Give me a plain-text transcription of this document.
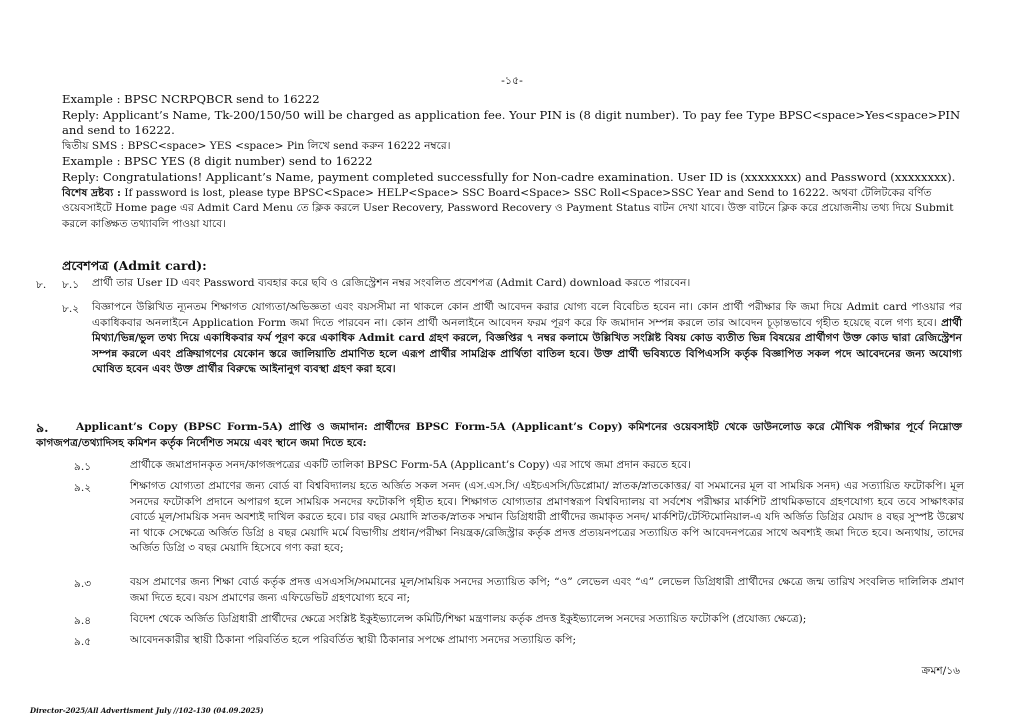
-১৫-

Example : BPSC NCRPQBCR send to 16222

Reply: Applicant’s Name, Tk-200/150/50 will be charged as application fee. Your PIN is (8 digit number). To pay fee Type BPSC<space>Yes<space>PIN and send to 16222.

দ্বিতীয় SMS : BPSC<space> YES <space> Pin লিখে send করুন 16222 নম্বরে।

Example : BPSC YES (8 digit number) send to 16222

Reply: Congratulations! Applicant’s Name, payment completed successfully for Non-cadre examination. User ID is (xxxxxxxx) and Password (xxxxxxxx).

বিশেষ দ্রষ্টব্য : If password is lost, please type BPSC<Space> HELP<Space> SSC Board<Space> SSC Roll<Space>SSC Year and Send to 16222. অথবা টেলিটকের বর্ণিত ওয়েবসাইটে Home page এর Admit Card Menu তে ক্লিক করলে User Recovery, Password Recovery ও Payment Status বাটন দেখা যাবে। উক্ত বাটনে ক্লিক করে প্রয়োজনীয় তথ্য দিয়ে Submit করলে কাঙ্ক্ষিত তথ্যাবলি পাওয়া যাবে।

প্রবেশপত্র (Admit card):
৮. ৮.১ প্রার্থী তার User ID এবং Password ব্যবহার করে ছবি ও রেজিস্ট্রেশন নম্বর সংবলিত প্রবেশপত্র (Admit Card) download করতে পারবেন।
৮.২ বিজ্ঞাপনে উল্লিখিত ন্যূনতম শিক্ষাগত যোগ্যতা/অভিজ্ঞতা এবং বয়সসীমা না থাকলে কোন প্রার্থী আবেদন করার যোগ্য বলে বিবেচিত হবেন না। কোন প্রার্থী পরীক্ষার ফি জমা দিয়ে Admit card পাওয়ার পর একাধিকবার অনলাইনে Application Form জমা দিতে পারবেন না। কোন প্রার্থী অনলাইনে আবেদন ফরম পূরণ করে ফি জমাদান সম্পন্ন করলে তার আবেদন চূড়ান্তভাবে গৃহীত হয়েছে বলে গণ্য হবে। প্রার্থী মিথ্যা/ভিন্ন/ভুল তথ্য দিয়ে একাধিকবার ফর্ম পূরণ করে একাধিক Admit card গ্রহণ করলে, বিজ্ঞপ্তির ৭ নম্বর কলামে উল্লিখিত সংশ্লিষ্ট বিষয় কোড ব্যতীত ভিন্ন বিষয়ের প্রার্থীগণ উক্ত কোড দ্বারা রেজিস্ট্রেশন সম্পন্ন করলে এবং প্রক্রিয়াগণের যেকোন স্তরে জালিয়াতি প্রমাণিত হলে এরূপ প্রার্থীর সামগ্রিক প্রার্থিতা বাতিল হবে। উক্ত প্রার্থী ভবিষ্যতে বিপিএসসি কর্তৃক বিজ্ঞাপিত সকল পদে আবেদনের জন্য অযোগ্য ঘোষিত হবেন এবং উক্ত প্রার্থীর বিরুদ্ধে আইনানুগ ব্যবস্থা গ্রহণ করা হবে।
৯.	Applicant’s Copy (BPSC Form-5A) প্রাপ্তি ও জমাদান: প্রার্থীদের BPSC Form-5A (Applicant’s Copy) কমিশনের ওয়েবসাইট থেকে ডাউনলোড করে মৌখিক পরীক্ষার পূর্বে নিম্নোক্ত কাগজপত্র/তথ্যাদিসহ কমিশন কর্তৃক নির্দেশিত সময়ে এবং স্থানে জমা দিতে হবে:
৯.১	প্রার্থীকে জমাপ্রদানকৃত সনদ/কাগজপত্রের একটি তালিকা BPSC Form-5A (Applicant’s Copy) এর সাথে জমা প্রদান করতে হবে।
৯.২	শিক্ষাগত যোগ্যতা প্রমাণের জন্য বোর্ড বা বিশ্ববিদ্যালয় হতে অর্জিত সকল সনদ (এস.এস.সি/ এইচএসসি/ডিপ্লোমা/ স্নাতক/স্নাতকোত্তর/ বা সমমানের মূল বা সাময়িক সনদ) এর সত্যায়িত ফটোকপি। মূল সনদের ফটোকপি প্রদানে অপারগ হলে সাময়িক সনদের ফটোকপি গৃহীত হবে। শিক্ষাগত যোগ্যতার প্রমাণস্বরূপ বিশ্ববিদ্যালয় বা সর্বশেষ পরীক্ষার মার্কশিট প্রাথমিকভাবে গ্রহণযোগ্য হবে তবে সাক্ষাৎকার বোর্ডে মূল/সাময়িক সনদ অবশ্যই দাখিল করতে হবে। চার বছর মেয়াদি স্নাতক/স্নাতক সম্মান ডিগ্রিধারী প্রার্থীদের জমাকৃত সনদ/ মার্কশিট/টেস্টিমোনিয়াল-এ যদি অর্জিত ডিগ্রির মেয়াদ ৪ বছর সুস্পষ্ট উল্লেখ না থাকে সেক্ষেত্রে অর্জিত ডিগ্রি ৪ বছর মেয়াদি মর্মে বিভাগীয় প্রধান/পরীক্ষা নিয়ন্ত্রক/রেজিস্ট্রার কর্তৃক প্রদত্ত প্রত্যয়নপত্রের সত্যায়িত কপি আবেদনপত্রের সাথে অবশ্যই জমা দিতে হবে। অন্যথায়, তাদের অর্জিত ডিগ্রি ৩ বছর মেয়াদি হিসেবে গণ্য করা হবে;
৯.৩	বয়স প্রমাণের জন্য শিক্ষা বোর্ড কর্তৃক প্রদত্ত এসএসসি/সমমানের মূল/সাময়িক সনদের সত্যায়িত কপি; “ও” লেভেল এবং “এ” লেভেল ডিগ্রিধারী প্রার্থীদের ক্ষেত্রে জন্ম তারিখ সংবলিত দালিলিক প্রমাণ জমা দিতে হবে। বয়স প্রমাণের জন্য এফিডেভিট গ্রহণযোগ্য হবে না;
৯.৪	বিদেশ থেকে অর্জিত ডিগ্রিধারী প্রার্থীদের ক্ষেত্রে সংশ্লিষ্ট ইকুইভ্যালেন্স কমিটি/শিক্ষা মন্ত্রণালয় কর্তৃক প্রদত্ত ইকুইভ্যালেন্স সনদের সত্যায়িত ফটোকপি (প্রযোজ্য ক্ষেত্রে);
৯.৫	আবেদনকারীর স্থায়ী ঠিকানা পরিবর্তিত হলে পরিবর্তিত স্থায়ী ঠিকানার সপক্ষে প্রামাণ্য সনদের সত্যায়িত কপি;
ক্রমশ/১৬
Director-2025/All Advertisment July //102-130 (04.09.2025)
